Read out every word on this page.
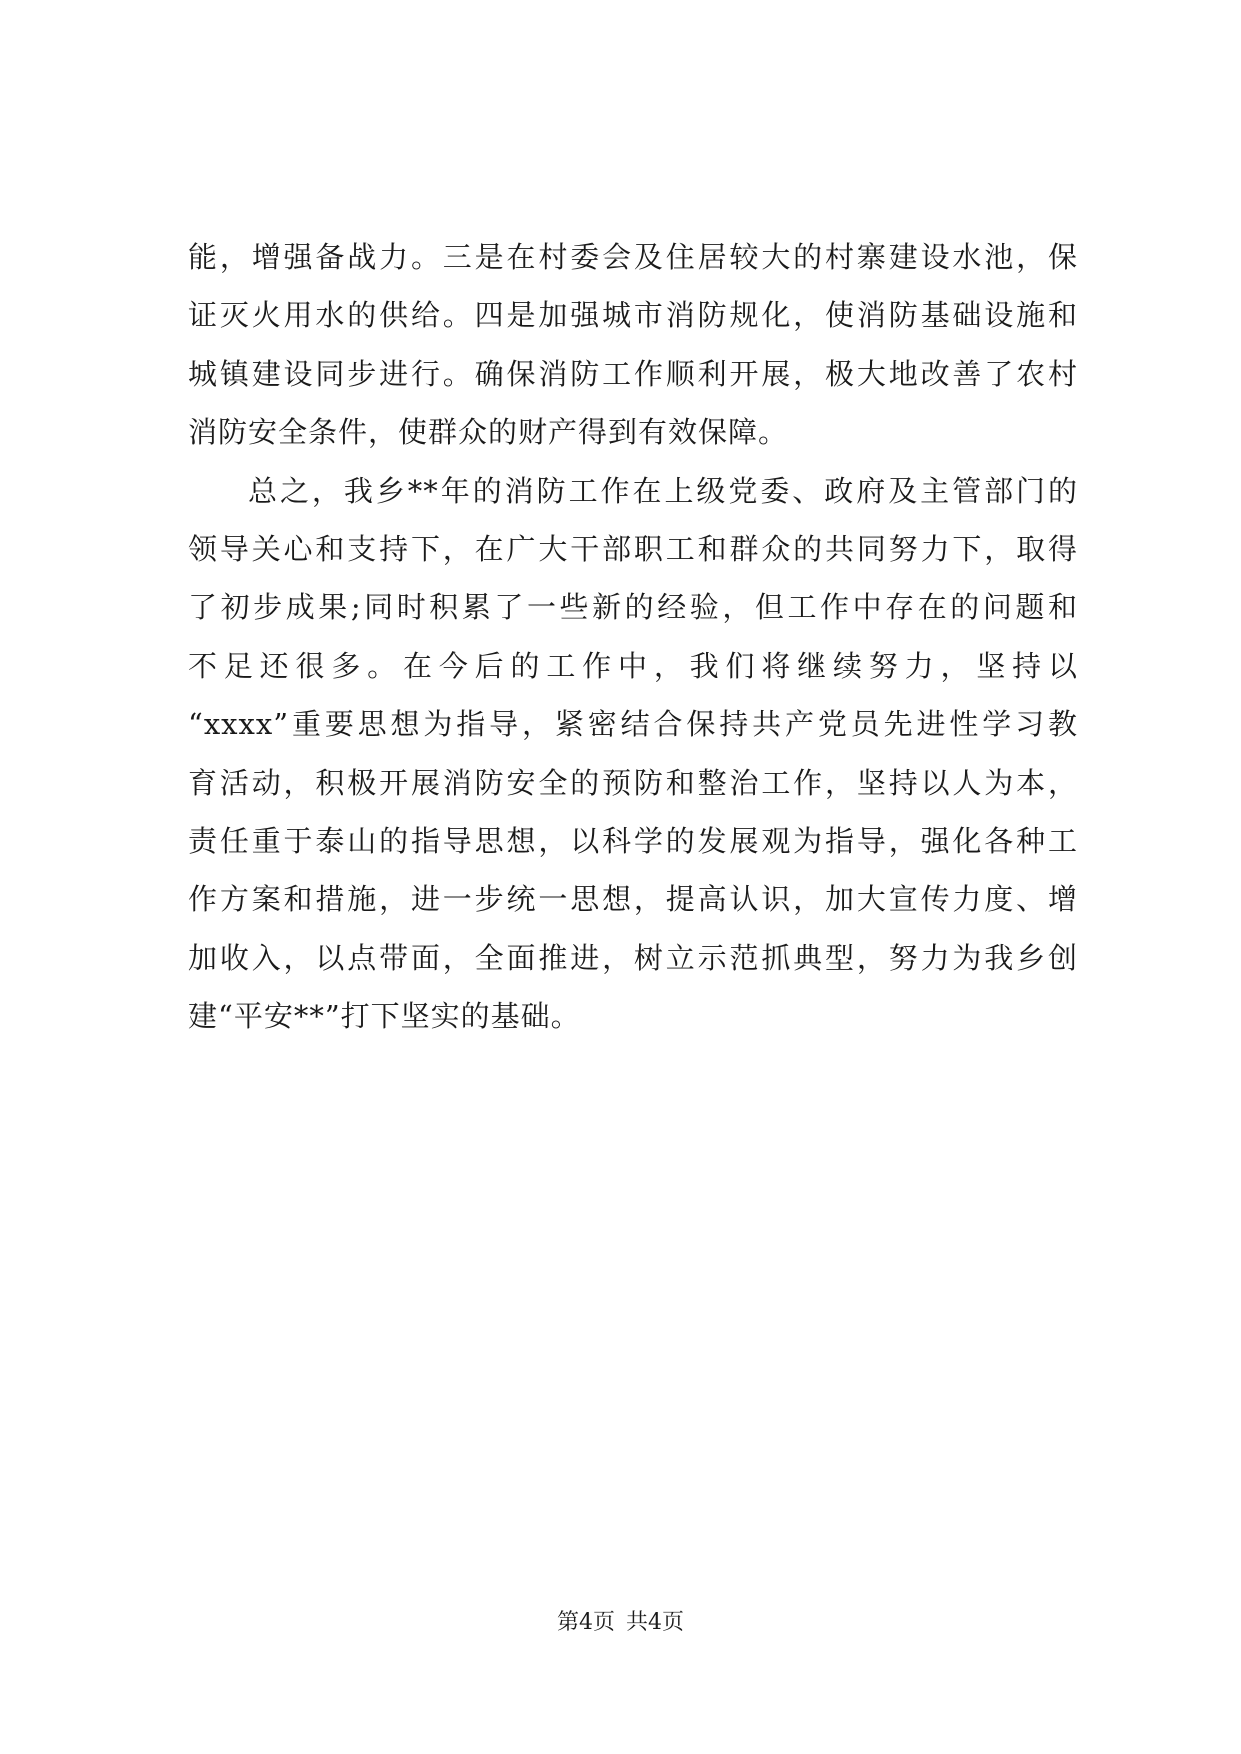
能，增强备战力。三是在村委会及住居较大的村寨建设水池，保
证灭火用水的供给。四是加强城市消防规化，使消防基础设施和
城镇建设同步进行。确保消防工作顺利开展，极大地改善了农村
消防安全条件，使群众的财产得到有效保障。
总之，我乡**年的消防工作在上级党委、政府及主管部门的
领导关心和支持下，在广大干部职工和群众的共同努力下，取得
了初步成果;同时积累了一些新的经验，但工作中存在的问题和
不足还很多。在今后的工作中，我们将继续努力，坚持以
“xxxx”重要思想为指导，紧密结合保持共产党员先进性学习教
育活动，积极开展消防安全的预防和整治工作，坚持以人为本，
责任重于泰山的指导思想，以科学的发展观为指导，强化各种工
作方案和措施，进一步统一思想，提高认识，加大宣传力度、增
加收入，以点带面，全面推进，树立示范抓典型，努力为我乡创
建“平安**”打下坚实的基础。
第4页 共4页
